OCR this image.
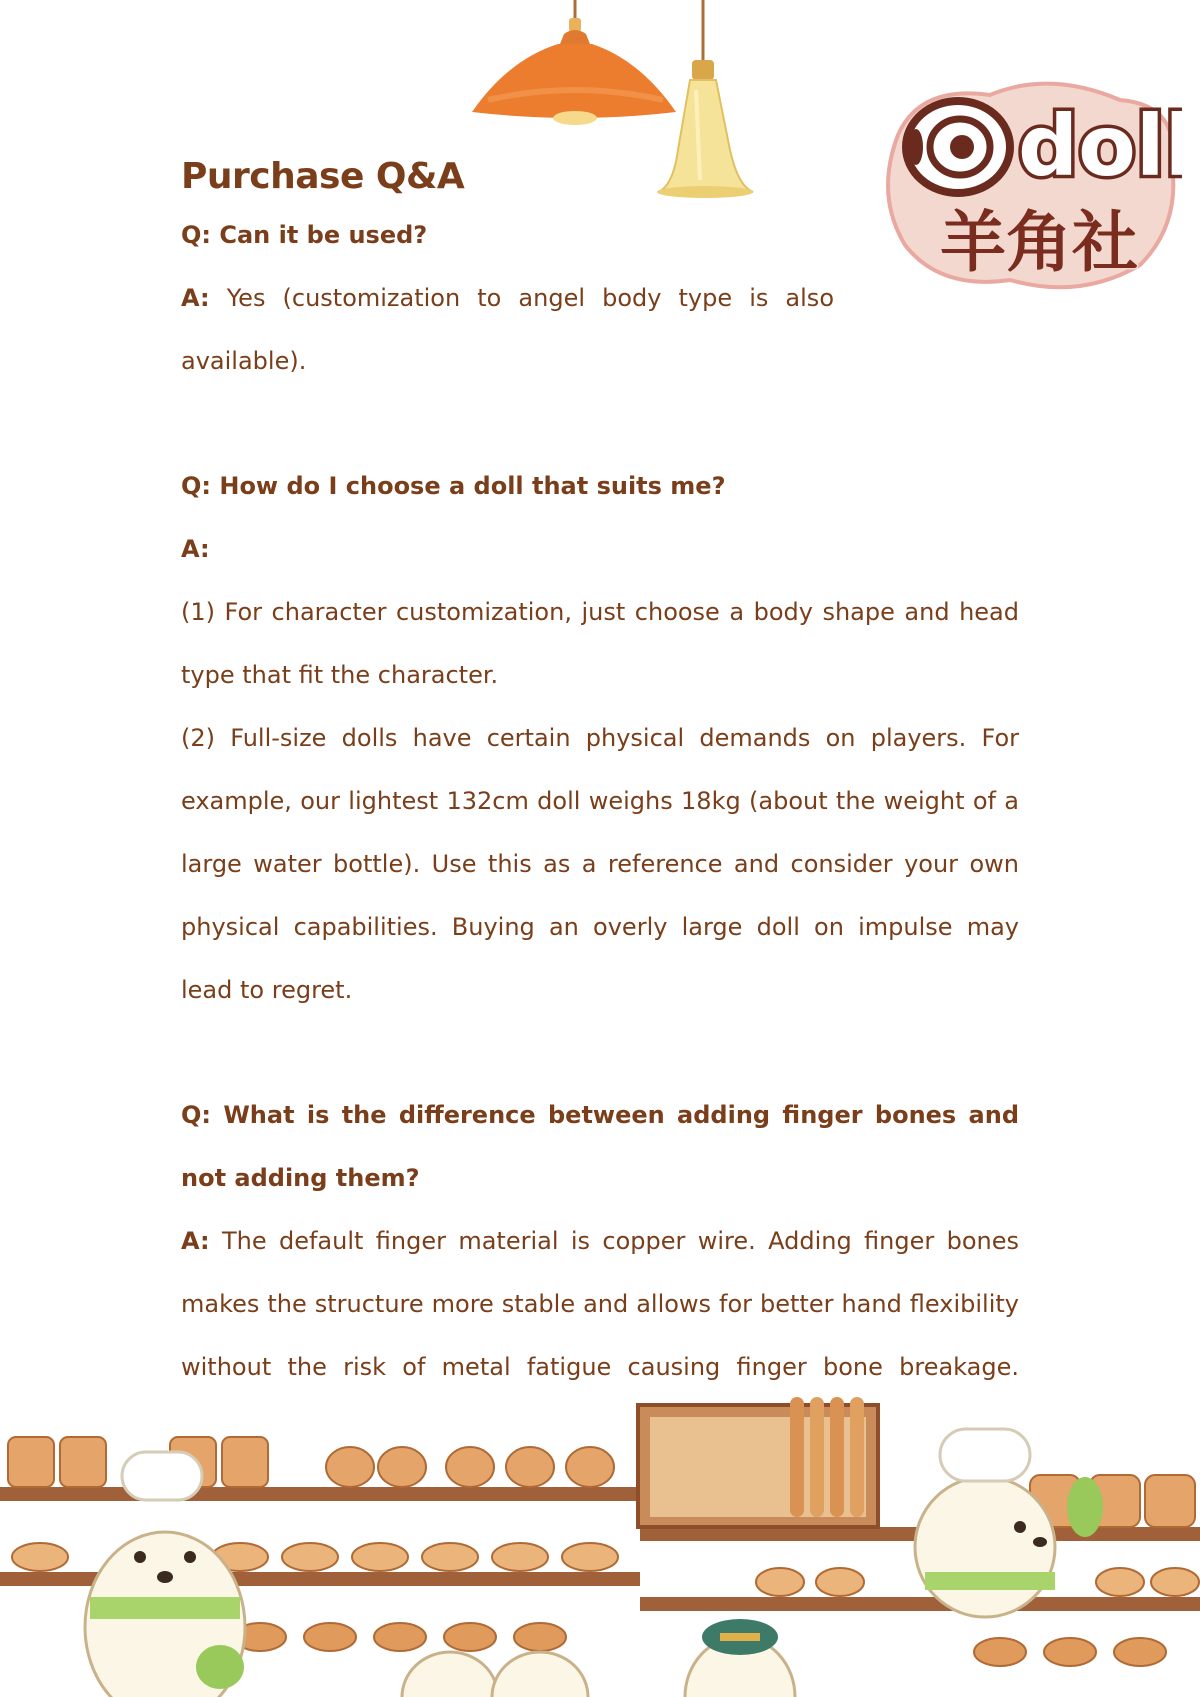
doll
羊角社
Purchase Q&A

Q: Can it be used?

A: Yes (customization to angel body type is also available).

Q: How do I choose a doll that suits me?

A:

(1) For character customization, just choose a body shape and head type that fit the character.

(2) Full-size dolls have certain physical demands on players. For example, our lightest 132cm doll weighs 18kg (about the weight of a large water bottle). Use this as a reference and consider your own physical capabilities. Buying an overly large doll on impulse may lead to regret.

Q: What is the difference between adding finger bones and not adding them?

A: The default finger material is copper wire. Adding finger bones makes the structure more stable and allows for better hand flexibility without the risk of metal fatigue causing finger bone breakage.
